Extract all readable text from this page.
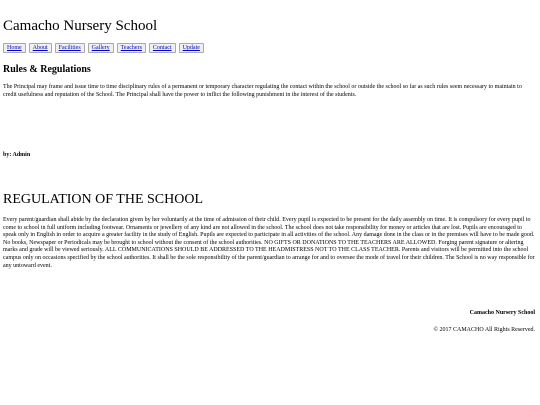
Camacho Nursery School
Home	About	Facilities	Gallery	Teachers	Contact	Update
Rules & Regulations

The Principal may frame and issue time to time disciplinary rules of a permanent or temporary character regulating the contact within the school or outside the school so far as such rules seem necessary to maintain to credit usefulness and reputation of the School. The Principal shall have the power to inflict the following punishment in the interest of the students.

by: Admin

REGULATION OF THE SCHOOL

Every parent/guardian shall abide by the declaration given by her voluntarily at the time of admission of their child. Every pupil is expected to be present for the daily assembly on time. It is compulsory for every pupil to come to school in full uniform including footwear. Ornaments or jewellery of any kind are not allowed in the school. The school does not take responsibility for money or articles that are lost. Pupils are encouraged to speak only in English in order to acquire a greater facility in the study of English. Pupils are expected to participate in all activities of the school. Any damage done in the class or in the premises will have to be made good. No books, Newspaper or Periodicals may be brought to school without the consent of the school authorities. NO GIFTS OR DONATIONS TO THE TEACHERS ARE ALLOWED. Forging parent signature or altering marks and grade will be viewed seriously. ALL COMMUNICATIONS SHOULD BE ADDRESSED TO THE HEADMISTRESS NOT TO THE CLASS TEACHER. Parents and visitors will be permitted into the school campus only on occasions specified by the school authorities. It shall be the sole responsibility of the parent/guardian to arrange for and to oversee the mode of travel for their children. The School is no way responsible for any untoward event.

Camacho Nursery School
© 2017 CAMACHO All Rights Reserved.
